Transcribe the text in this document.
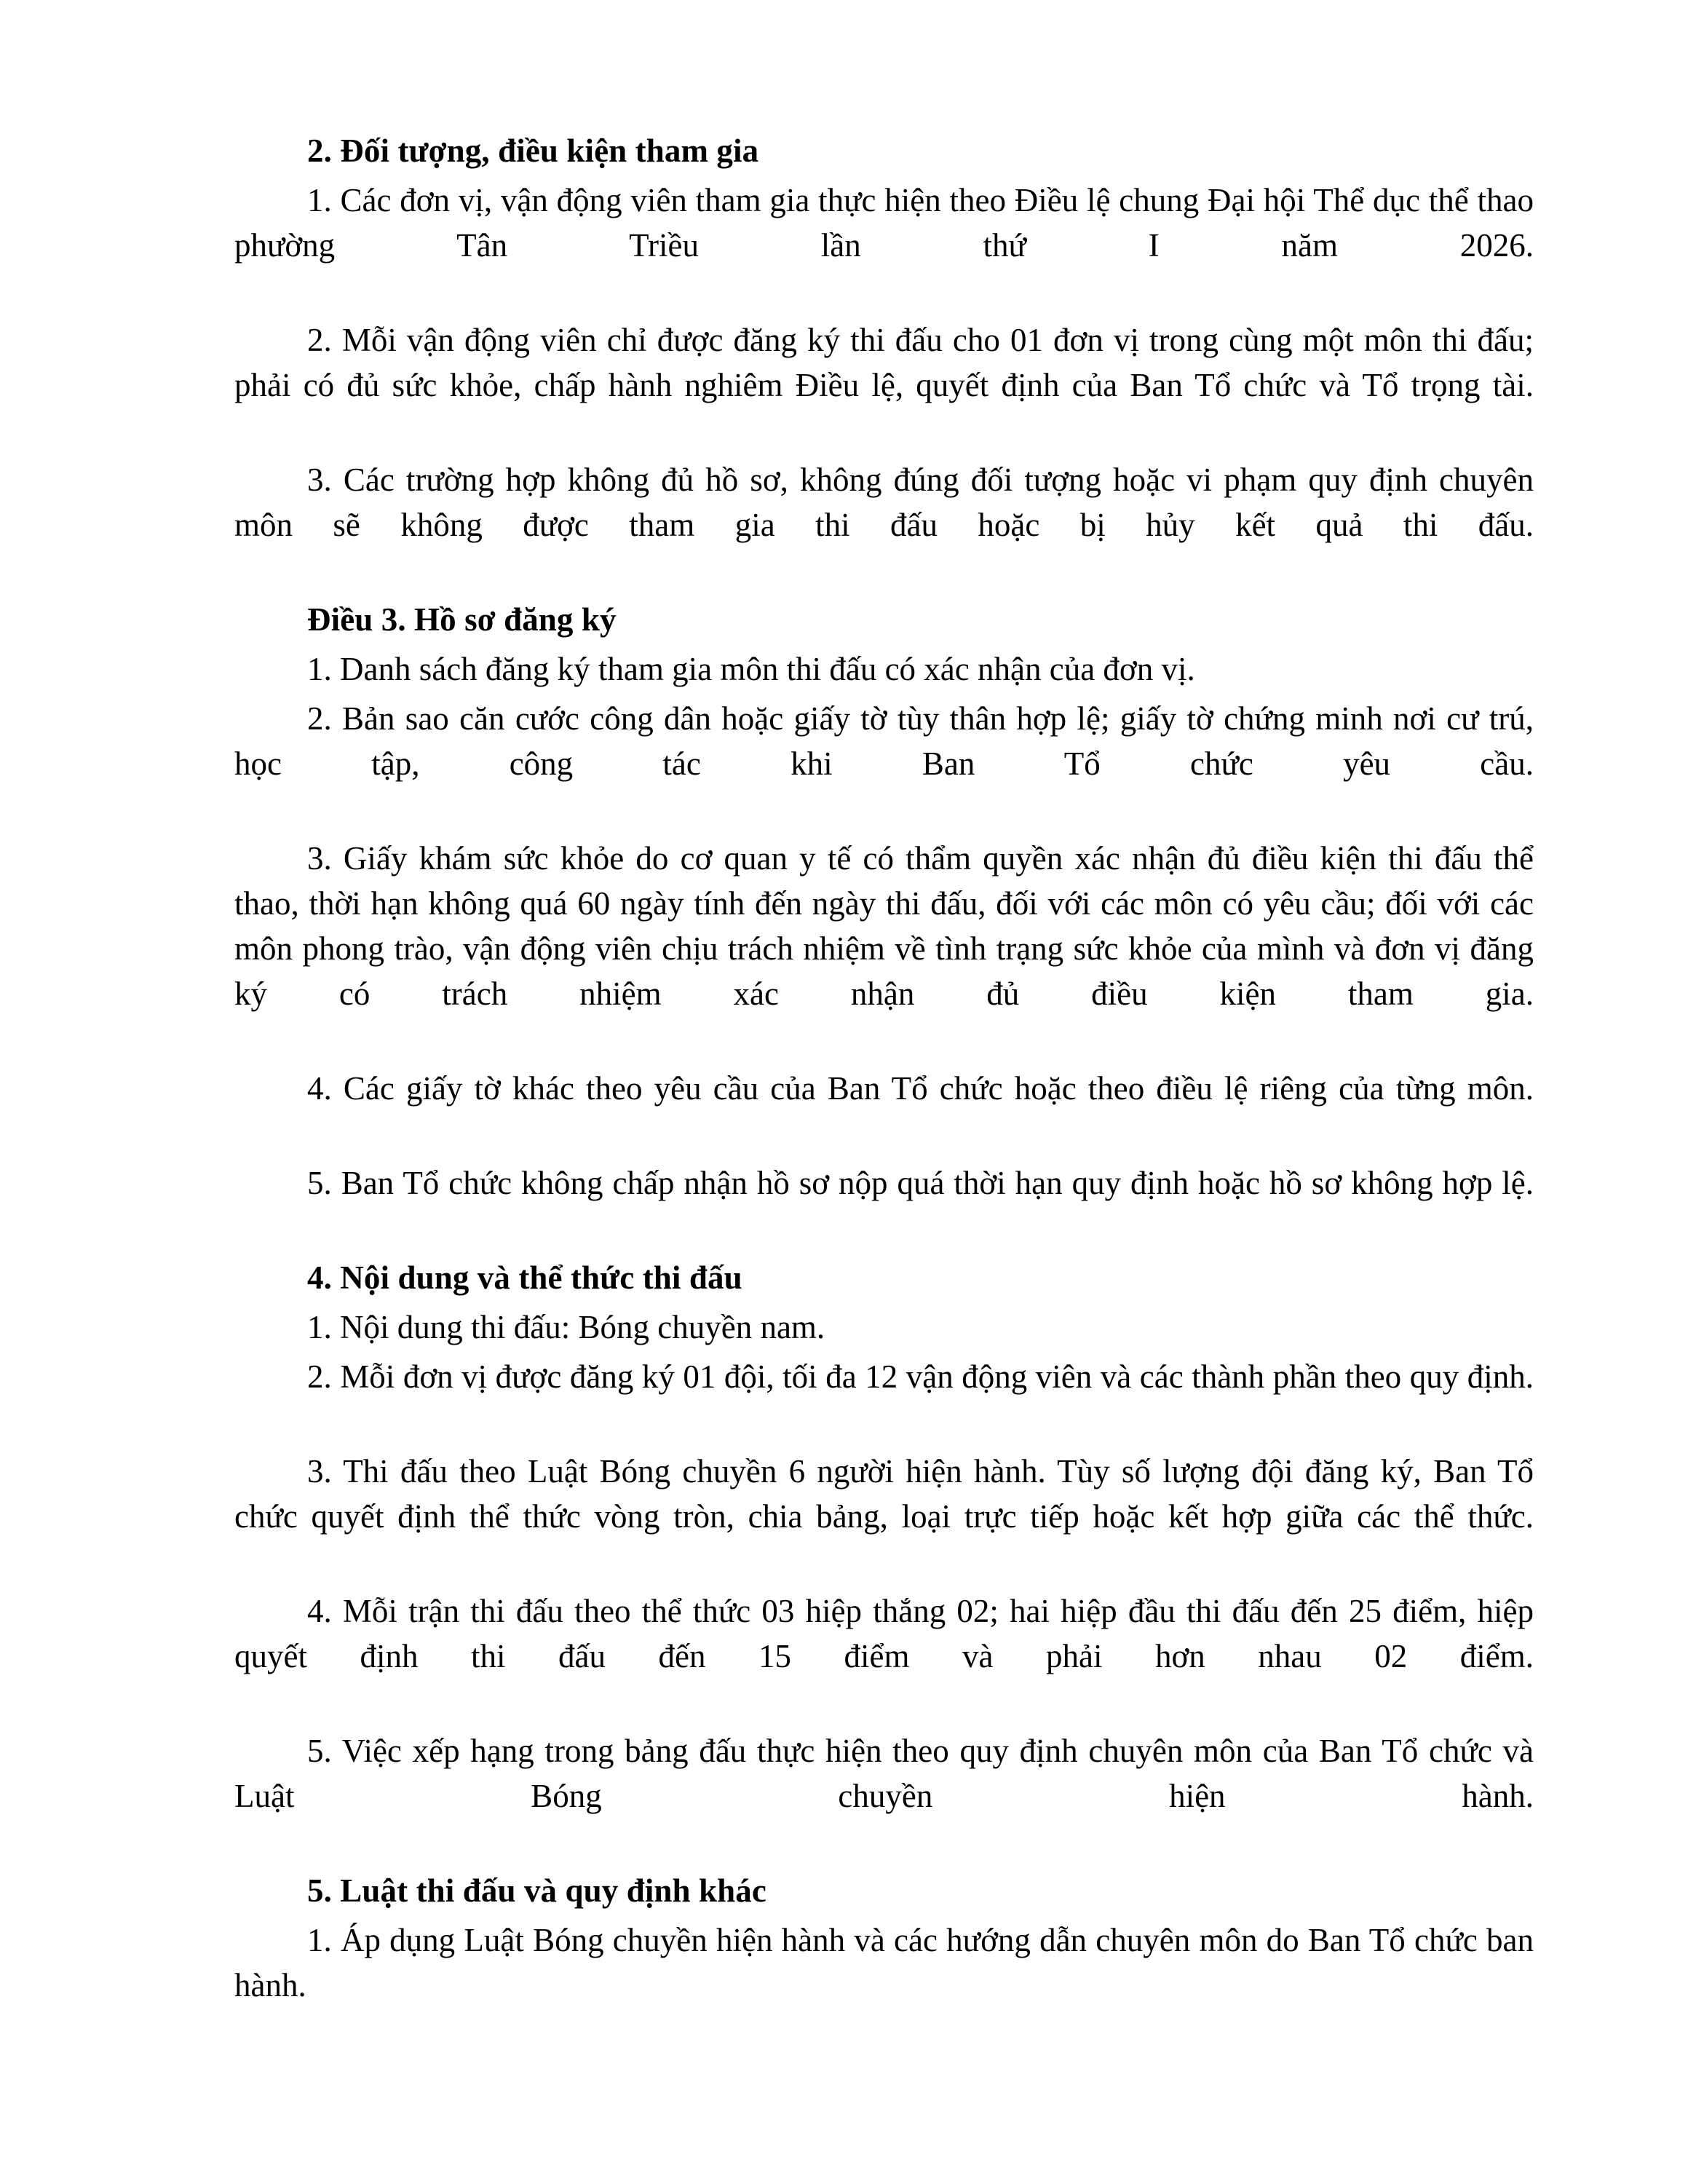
2. Đối tượng, điều kiện tham gia

1. Các đơn vị, vận động viên tham gia thực hiện theo Điều lệ chung Đại hội Thể dục thể thao phường Tân Triều lần thứ I năm 2026.

2. Mỗi vận động viên chỉ được đăng ký thi đấu cho 01 đơn vị trong cùng một môn thi đấu; phải có đủ sức khỏe, chấp hành nghiêm Điều lệ, quyết định của Ban Tổ chức và Tổ trọng tài.

3. Các trường hợp không đủ hồ sơ, không đúng đối tượng hoặc vi phạm quy định chuyên môn sẽ không được tham gia thi đấu hoặc bị hủy kết quả thi đấu.

Điều 3. Hồ sơ đăng ký

1. Danh sách đăng ký tham gia môn thi đấu có xác nhận của đơn vị.

2. Bản sao căn cước công dân hoặc giấy tờ tùy thân hợp lệ; giấy tờ chứng minh nơi cư trú, học tập, công tác khi Ban Tổ chức yêu cầu.

3. Giấy khám sức khỏe do cơ quan y tế có thẩm quyền xác nhận đủ điều kiện thi đấu thể thao, thời hạn không quá 60 ngày tính đến ngày thi đấu, đối với các môn có yêu cầu; đối với các môn phong trào, vận động viên chịu trách nhiệm về tình trạng sức khỏe của mình và đơn vị đăng ký có trách nhiệm xác nhận đủ điều kiện tham gia.

4. Các giấy tờ khác theo yêu cầu của Ban Tổ chức hoặc theo điều lệ riêng của từng môn.

5. Ban Tổ chức không chấp nhận hồ sơ nộp quá thời hạn quy định hoặc hồ sơ không hợp lệ.

4. Nội dung và thể thức thi đấu

1. Nội dung thi đấu: Bóng chuyền nam.

2. Mỗi đơn vị được đăng ký 01 đội, tối đa 12 vận động viên và các thành phần theo quy định.

3. Thi đấu theo Luật Bóng chuyền 6 người hiện hành. Tùy số lượng đội đăng ký, Ban Tổ chức quyết định thể thức vòng tròn, chia bảng, loại trực tiếp hoặc kết hợp giữa các thể thức.

4. Mỗi trận thi đấu theo thể thức 03 hiệp thắng 02; hai hiệp đầu thi đấu đến 25 điểm, hiệp quyết định thi đấu đến 15 điểm và phải hơn nhau 02 điểm.

5. Việc xếp hạng trong bảng đấu thực hiện theo quy định chuyên môn của Ban Tổ chức và Luật Bóng chuyền hiện hành.

5. Luật thi đấu và quy định khác

1. Áp dụng Luật Bóng chuyền hiện hành và các hướng dẫn chuyên môn do Ban Tổ chức ban hành.
